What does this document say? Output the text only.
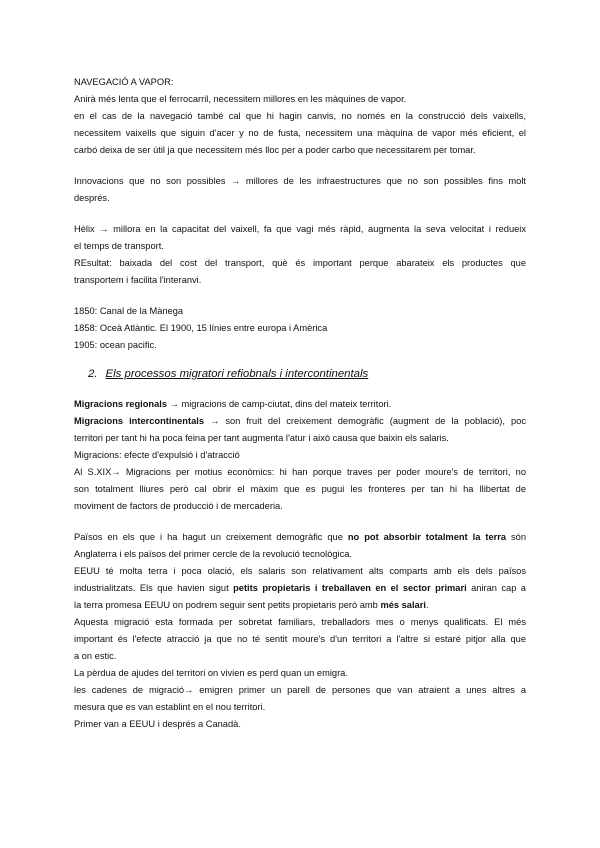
NAVEGACIÓ A VAPOR:
Anirà més lenta que el ferrocarril, necessitem millores en les màquines de vapor.
en el cas de la navegació també cal que hi hagin canvis, no només en la construcció dels vaixells,
necessitem vaixells que siguin d'acer y no de fusta, necessitem una màquina de vapor més eficient, el
carbó deixa de ser útil ja que necessitem més lloc per a poder carbo que necessitarem per tomar.
Innovacions que no son possibles → millores de les infraestructures que no son possibles fins molt
després.
Hèlix → millora en la capacitat del vaixell, fa que vagi més ràpid, augmenta la seva velocitat i redueix
el temps de transport.
REsultat: baixada del cost del transport, què és important perque abarateix els productes que
transportem i facilita l'interanvi.
1850: Canal de la Mànega
1858: Oceà Atlàntic. El 1900, 15 línies entre europa i Amèrica
1905: ocean pacific.
2. Els processos migratori refiobnals i intercontinentals
Migracions regionals → migracions de camp-ciutat, dins del mateix territori.
Migracions intercontinentals → son fruit del creixement demogràfic (augment de la població), poc
territori per tant hi ha poca feina per tant augmenta l'atur i això causa que baixin els salaris.
Migracions: efecte d'expulsió i d'atracció
Al S.XIX→ Migracions per motius econòmics: hi han porque traves per poder moure's de territori, no
son totalment lliures però cal obrir el màxim que es pugui les fronteres per tan hi ha llibertat de
moviment de factors de producció i de mercaderia.
Països en els que i ha hagut un creixement demogràfic que no pot absorbir totalment la terra són
Anglaterra i els països del primer cercle de la revolució tecnològica.
EEUU té molta terra i poca olació, els salaris son relativament alts comparts amb els dels països
industrialitzats. Els que havien sigut petits propietaris i treballaven en el sector primari aniran cap a
la terra promesa EEUU on podrem seguir sent petits propietaris però amb més salari.
Aquesta migració esta formada per sobretat familiars, treballadors mes o menys qualificats. El més
important és l'efecte atracció ja que no té sentit moure's d'un territori a l'altre si estaré pitjor alla que
a on estic.
La pèrdua de ajudes del territori on vivien es perd quan un emigra.
les cadenes de migració→ emigren primer un parell de persones que van atraient a unes altres a
mesura que es van establint en el nou territori.
Primer van a EEUU i després a Canadà.
